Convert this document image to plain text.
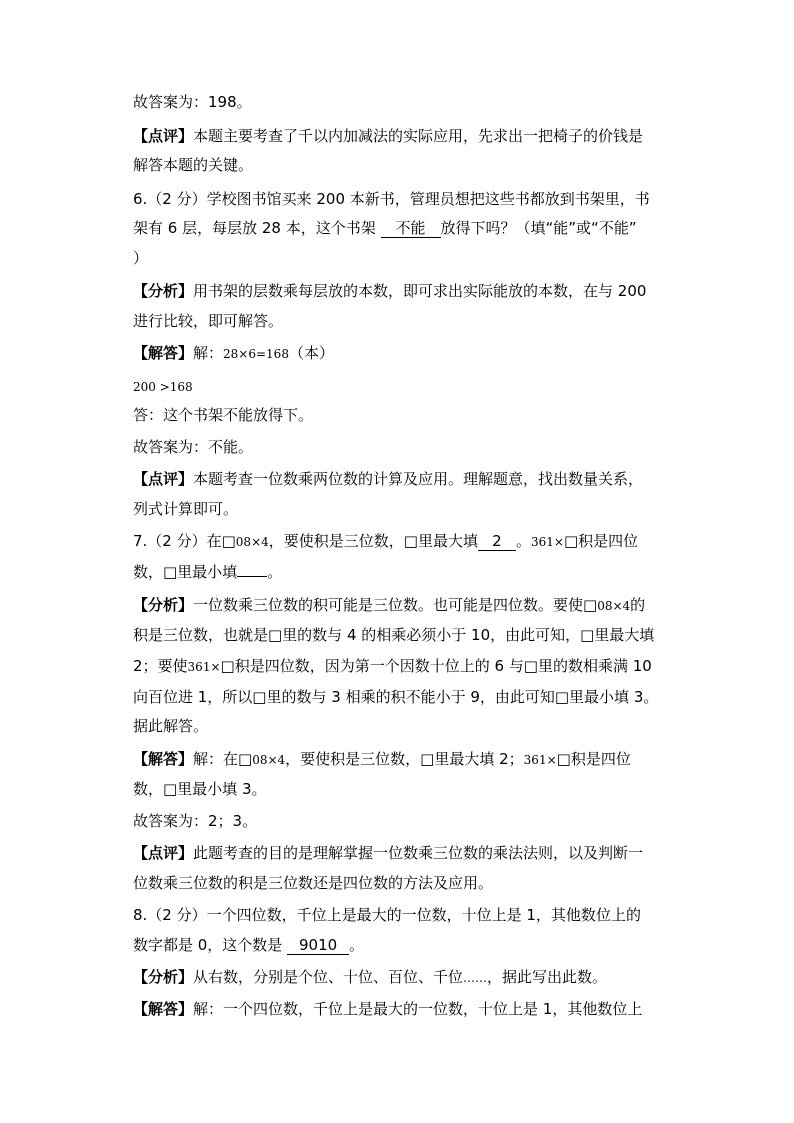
故答案为：198。
【点评】本题主要考查了千以内加减法的实际应用，先求出一把椅子的价钱是
解答本题的关键。
6.（2 分）学校图书馆买来 200 本新书，管理员想把这些书都放到书架里，书
架有 6 层，每层放 28 本，这个书架 不能 放得下吗？（填“能”或“不能”
）
【分析】用书架的层数乘每层放的本数，即可求出实际能放的本数，在与 200
进行比较，即可解答。
【解答】解：28×6=168（本）
200 >168
答：这个书架不能放得下。
故答案为：不能。
【点评】本题考查一位数乘两位数的计算及应用。理解题意，找出数量关系，
列式计算即可。
7.（2 分）在□08×4，要使积是三位数，□里最大填 2 。361×□积是四位
数，□里最小填 。
【分析】一位数乘三位数的积可能是三位数。也可能是四位数。要使□08×4的
积是三位数，也就是□里的数与 4 的相乘必须小于 10，由此可知，□里最大填
2；要使361×□积是四位数，因为第一个因数十位上的 6 与□里的数相乘满 10
向百位进 1，所以□里的数与 3 相乘的积不能小于 9，由此可知□里最小填 3。
据此解答。
【解答】解：在□08×4，要使积是三位数，□里最大填 2；361×□积是四位
数，□里最小填 3。
故答案为：2；3。
【点评】此题考查的目的是理解掌握一位数乘三位数的乘法法则，以及判断一
位数乘三位数的积是三位数还是四位数的方法及应用。
8.（2 分）一个四位数，千位上是最大的一位数，十位上是 1，其他数位上的
数字都是 0，这个数是 9010 。
【分析】从右数，分别是个位、十位、百位、千位……，据此写出此数。
【解答】解：一个四位数，千位上是最大的一位数，十位上是 1，其他数位上
